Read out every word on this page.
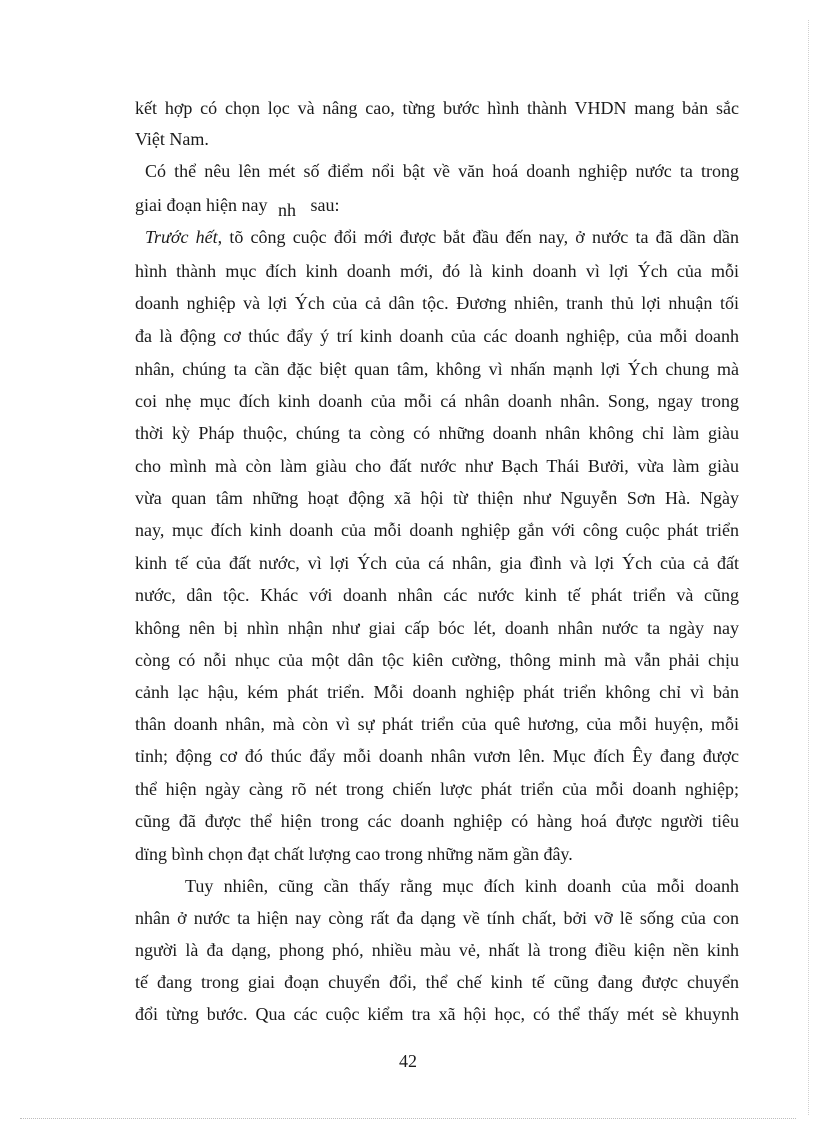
kết hợp có chọn lọc và nâng cao, từng bước hình thành VHDN mang bản sắc
Việt Nam.
Có thể nêu lên mét số điểm nổi bật về văn hoá doanh nghiệp nước ta trong
giai đoạn hiện nay nh sau:
Trước hết, tõ công cuộc đổi mới được bắt đầu đến nay, ở nước ta đã dần dần
hình thành mục đích kinh doanh mới, đó là kinh doanh vì lợi Ých của mỗi
doanh nghiệp và lợi Ých của cả dân tộc. Đương nhiên, tranh thủ lợi nhuận tối
đa là động cơ thúc đẩy ý trí kinh doanh của các doanh nghiệp, của mỗi doanh
nhân, chúng ta cần đặc biệt quan tâm, không vì nhấn mạnh lợi Ých chung mà
coi nhẹ mục đích kinh doanh của mỗi cá nhân doanh nhân. Song, ngay trong
thời kỳ Pháp thuộc, chúng ta còng có những doanh nhân không chỉ làm giàu
cho mình mà còn làm giàu cho đất nước như Bạch Thái Bưởi, vừa làm giàu
vừa quan tâm những hoạt động xã hội từ thiện như Nguyễn Sơn Hà. Ngày
nay, mục đích kinh doanh của mỗi doanh nghiệp gắn với công cuộc phát triển
kinh tế của đất nước, vì lợi Ých của cá nhân, gia đình và lợi Ých của cả đất
nước, dân tộc. Khác với doanh nhân các nước kinh tế phát triển và cũng
không nên bị nhìn nhận như giai cấp bóc lét, doanh nhân nước ta ngày nay
còng có nỗi nhục của một dân tộc kiên cường, thông minh mà vẫn phải chịu
cảnh lạc hậu, kém phát triển. Mỗi doanh nghiệp phát triển không chỉ vì bản
thân doanh nhân, mà còn vì sự phát triển của quê hương, của mỗi huyện, mỗi
tỉnh; động cơ đó thúc đẩy mỗi doanh nhân vươn lên. Mục đích Êy đang được
thể hiện ngày càng rõ nét trong chiến lược phát triển của mỗi doanh nghiệp;
cũng đã được thể hiện trong các doanh nghiệp có hàng hoá được người tiêu
dïng bình chọn đạt chất lượng cao trong những năm gần đây.
Tuy nhiên, cũng cần thấy rằng mục đích kinh doanh của mỗi doanh
nhân ở nước ta hiện nay còng rất đa dạng về tính chất, bởi vỡ lẽ sống của con
người là đa dạng, phong phó, nhiều màu vẻ, nhất là trong điều kiện nền kinh
tế đang trong giai đoạn chuyển đổi, thể chế kinh tế cũng đang được chuyển
đổi từng bước. Qua các cuộc kiểm tra xã hội học, có thể thấy mét sè khuynh
42
